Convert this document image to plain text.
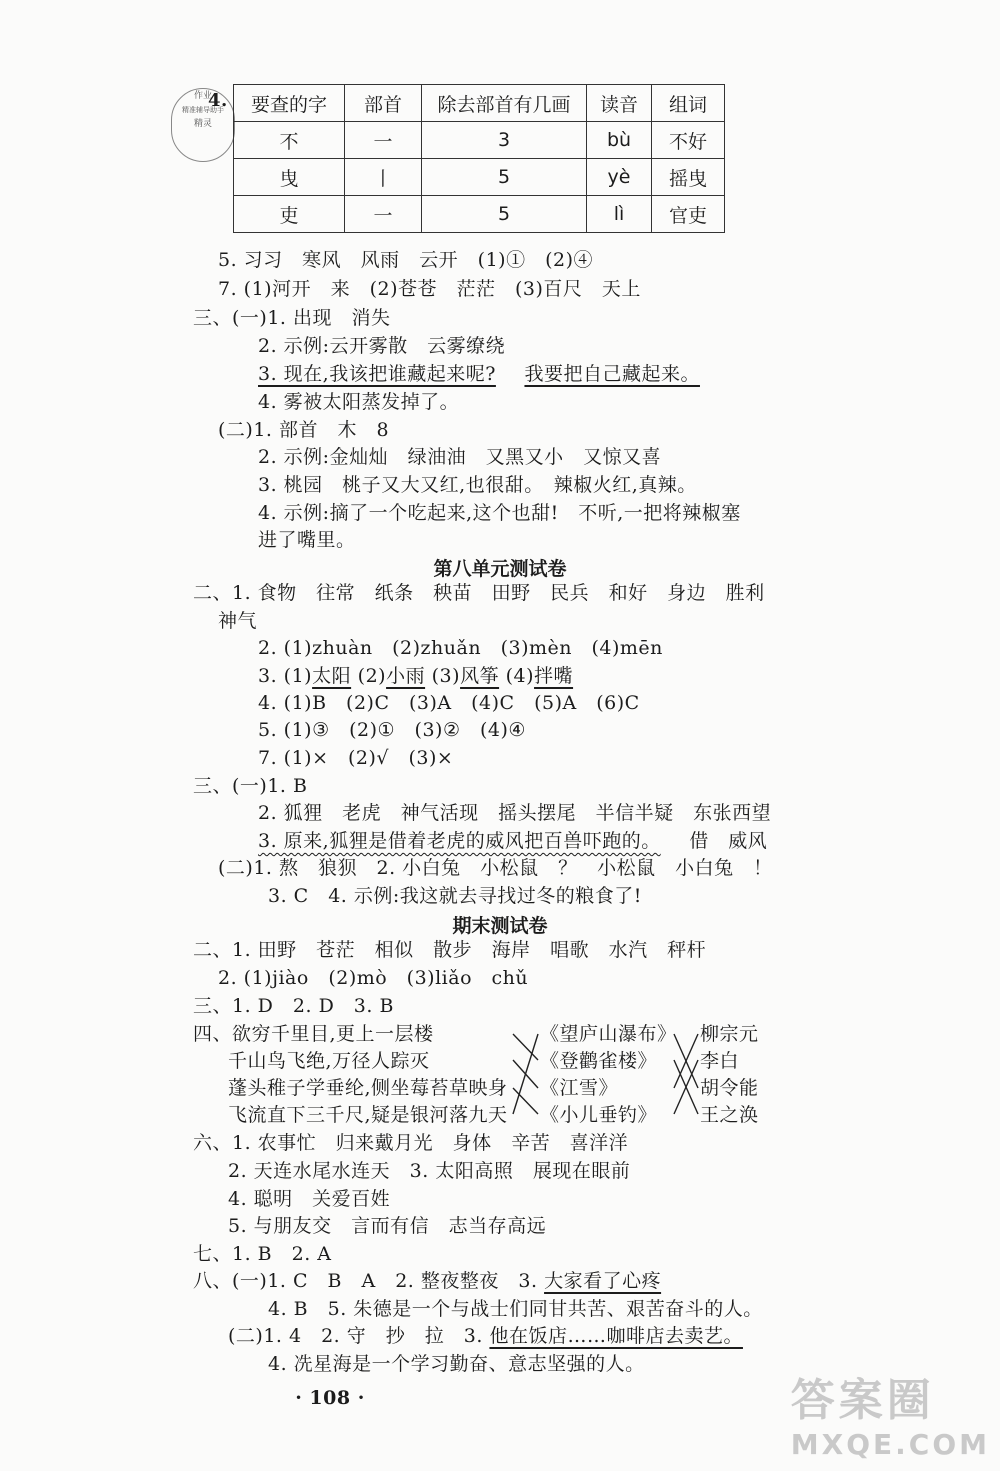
作业
精准辅导助手
精灵
4. 要查的字	部首	除去部首有几画	读音	组词
不	一	3	bù	不好
曳	丨	5	yè	摇曳
吏	一	5	lì	官吏
5. 习习　寒风　风雨　云开　(1)①　(2)④
7. (1)河开　来　(2)苍苍　茫茫　(3)百尺　天上
三、(一)1. 出现　消失
2. 示例:云开雾散　云雾缭绕
3. 现在,我该把谁藏起来呢? 我要把自己藏起来。
4. 雾被太阳蒸发掉了。
(二)1. 部首　木　8
2. 示例:金灿灿　绿油油　又黑又小　又惊又喜
3. 桃园　桃子又大又红,也很甜。　辣椒火红,真辣。
4. 示例:摘了一个吃起来,这个也甜!　不听,一把将辣椒塞
进了嘴里。
第八单元测试卷
二、1. 食物　往常　纸条　秧苗　田野　民兵　和好　身边　胜利
神气
2. (1)zhuàn　(2)zhuǎn　(3)mèn　(4)mēn
3. (1)太阳 (2)小雨 (3)风筝 (4)拌嘴
4. (1)B　(2)C　(3)A　(4)C　(5)A　(6)C
5. (1)③　(2)①　(3)②　(4)④
7. (1)×　(2)√　(3)×
三、(一)1. B
2. 狐狸　老虎　神气活现　摇头摆尾　半信半疑　东张西望
3. 原来,狐狸是借着老虎的威风把百兽吓跑的。 借　威风
(二)1. 熬　狼狈　2. 小白兔　小松鼠　？　小松鼠　小白兔　！
3. C　4. 示例:我这就去寻找过冬的粮食了!
期末测试卷
二、1. 田野　苍茫　相似　散步　海岸　唱歌　水汽　秤杆
2. (1)jiào　(2)mò　(3)liǎo　chǔ
三、1. D　2. D　3. B
四、欲穷千里目,更上一层楼
千山鸟飞绝,万径人踪灭
蓬头稚子学垂纶,侧坐莓苔草映身
飞流直下三千尺,疑是银河落九天
《望庐山瀑布》
《登鹳雀楼》
《江雪》
《小儿垂钓》
柳宗元
李白
胡令能
王之涣
六、1. 农事忙　归来戴月光　身体　辛苦　喜洋洋
2. 天连水尾水连天　3. 太阳高照　展现在眼前
4. 聪明　关爱百姓
5. 与朋友交　言而有信　志当存高远
七、1. B　2. A
八、(一)1. C　B　A　2. 整夜整夜　3. 大家看了心疼
4. B　5. 朱德是一个与战士们同甘共苦、艰苦奋斗的人。
(二)1. 4　2. 守　抄　拉　3. 他在饭店……咖啡店去卖艺。
4. 冼星海是一个学习勤奋、意志坚强的人。
· 108 ·	答案圈
MXQE.COM
